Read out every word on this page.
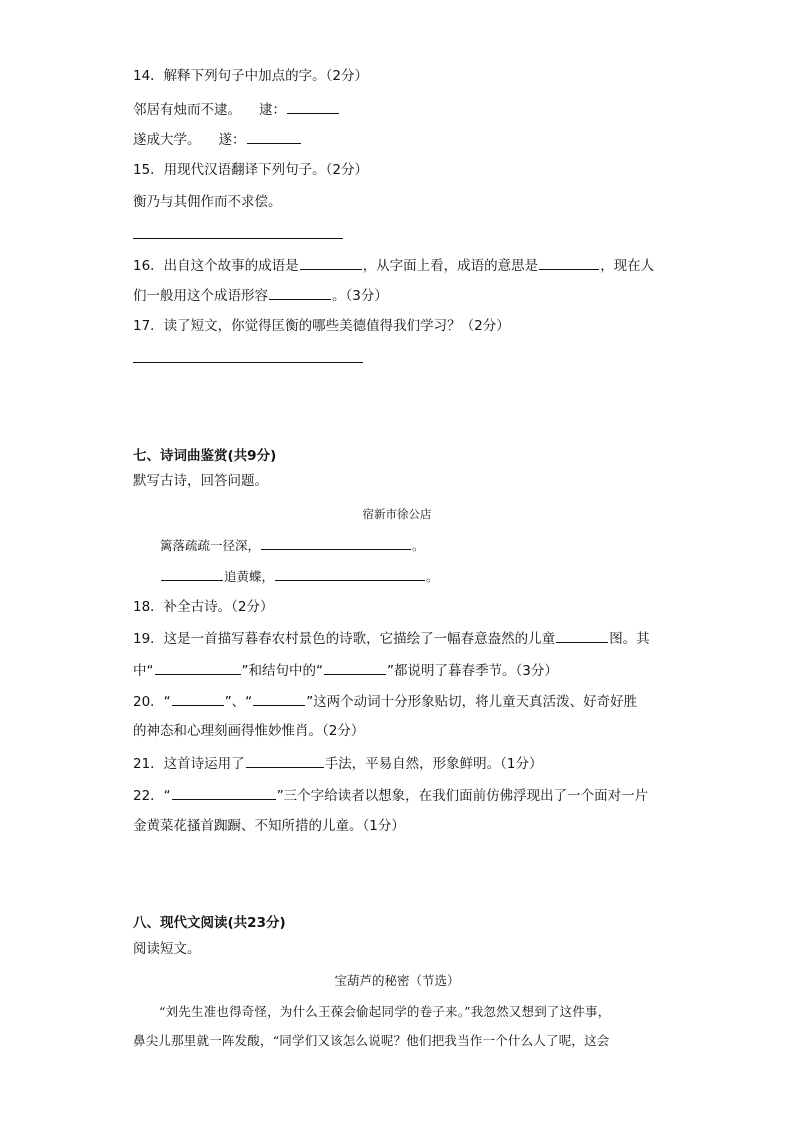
14．解释下列句子中加点的字。（2分）
邻居有烛而不逮。 逮：
遂成大学。 遂：
15．用现代汉语翻译下列句子。（2分）
衡乃与其佣作而不求偿。
16．出自这个故事的成语是	，从字面上看，成语的意思是	，现在人
们一般用这个成语形容	。（3分）
17．读了短文，你觉得匡衡的哪些美德值得我们学习？（2分）
七、诗词曲鉴赏(共9分)
默写古诗，回答问题。
宿新市徐公店
篱落疏疏一径深，	。
追黄蝶，	。
18．补全古诗。（2分）
19．这是一首描写暮春农村景色的诗歌，它描绘了一幅春意盎然的儿童	图。其
中“	”和结句中的“	”都说明了暮春季节。（3分）
20．“	”、“	”这两个动词十分形象贴切，将儿童天真活泼、好奇好胜
的神态和心理刻画得惟妙惟肖。（2分）
21．这首诗运用了	手法，平易自然，形象鲜明。（1分）
22．“	”三个字给读者以想象，在我们面前仿佛浮现出了一个面对一片
金黄菜花搔首踟蹰、不知所措的儿童。（1分）
八、现代文阅读(共23分)
阅读短文。
宝葫芦的秘密（节选）
“刘先生准也得奇怪，为什么王葆会偷起同学的卷子来。”我忽然又想到了这件事，
鼻尖儿那里就一阵发酸，“同学们又该怎么说呢？他们把我当作一个什么人了呢，这会
